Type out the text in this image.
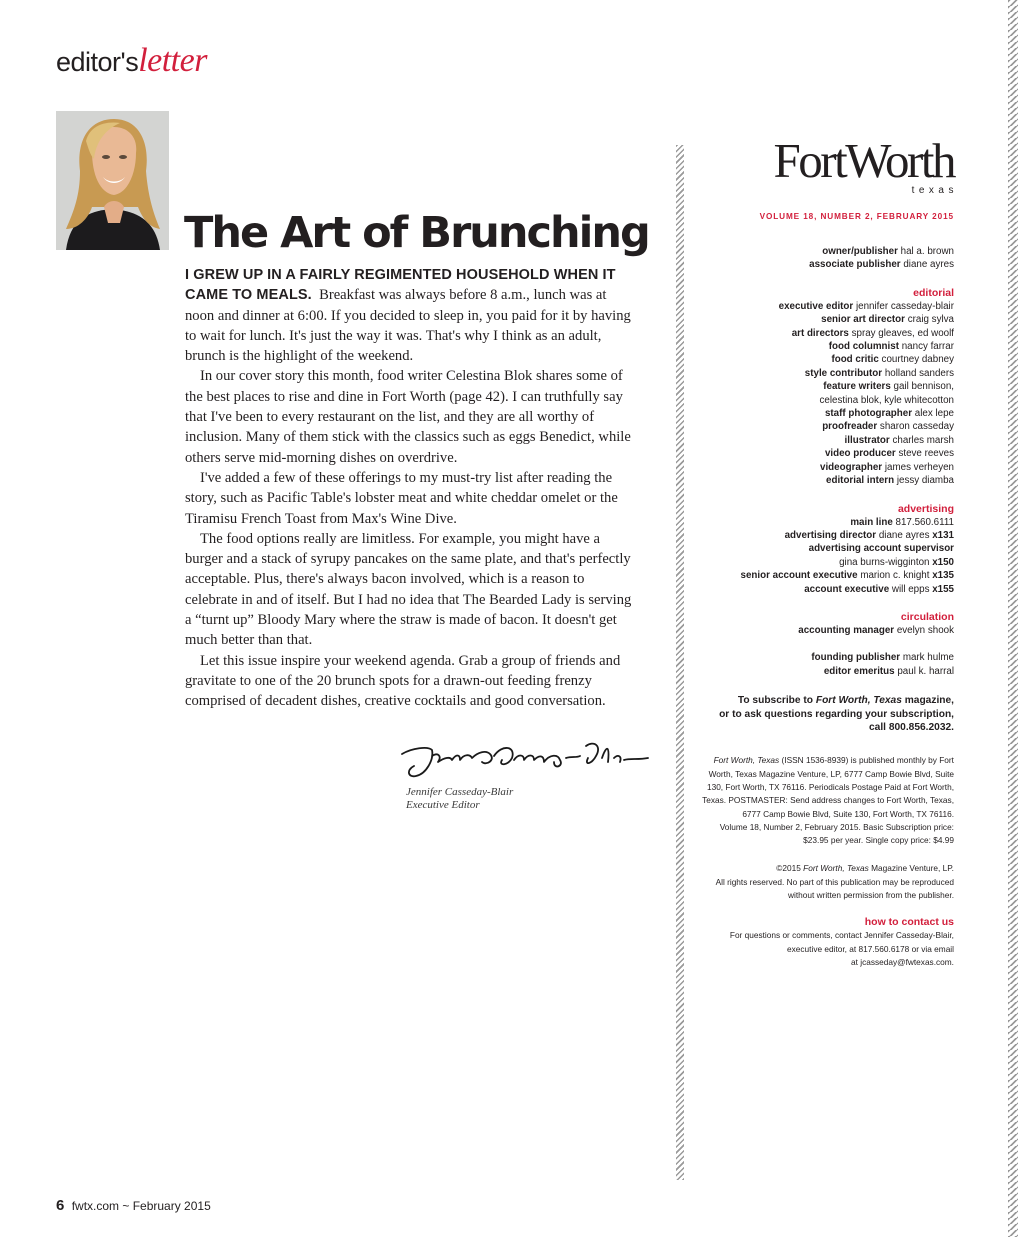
editor'sletter
The Art of Brunching

I GREW UP IN A FAIRLY REGIMENTED HOUSEHOLD WHEN IT CAME TO MEALS. Breakfast was always before 8 a.m., lunch was at noon and dinner at 6:00. If you decided to sleep in, you paid for it by having to wait for lunch. It's just the way it was. That's why I think as an adult, brunch is the highlight of the weekend.

In our cover story this month, food writer Celestina Blok shares some of the best places to rise and dine in Fort Worth (page 42). I can truthfully say that I've been to every restaurant on the list, and they are all worthy of inclusion. Many of them stick with the classics such as eggs Benedict, while others serve mid-morning dishes on overdrive.

I've added a few of these offerings to my must-try list after reading the story, such as Pacific Table's lobster meat and white cheddar omelet or the Tiramisu French Toast from Max's Wine Dive.

The food options really are limitless. For example, you might have a burger and a stack of syrupy pancakes on the same plate, and that's perfectly acceptable. Plus, there's always bacon involved, which is a reason to celebrate in and of itself. But I had no idea that The Bearded Lady is serving a “turnt up” Bloody Mary where the straw is made of bacon. It doesn't get much better than that.

Let this issue inspire your weekend agenda. Grab a group of friends and gravitate to one of the 20 brunch spots for a drawn-out feeding frenzy comprised of decadent dishes, creative cocktails and good conversation.

Jennifer Casseday-Blair
Executive Editor
6 fwtx.com ~ February 2015
FortWorth
texas
VOLUME 18, NUMBER 2, FEBRUARY 2015
owner/publisher hal a. brown
associate publisher diane ayres
editorial
executive editor jennifer casseday-blair
senior art director craig sylva
art directors spray gleaves, ed woolf
food columnist nancy farrar
food critic courtney dabney
style contributor holland sanders
feature writers gail bennison,
celestina blok, kyle whitecotton
staff photographer alex lepe
proofreader sharon casseday
illustrator charles marsh
video producer steve reeves
videographer james verheyen
editorial intern jessy diamba
advertising
main line 817.560.6111
advertising director diane ayres x131
advertising account supervisor
gina burns-wigginton x150
senior account executive marion c. knight x135
account executive will epps x155
circulation
accounting manager evelyn shook
founding publisher mark hulme
editor emeritus paul k. harral
To subscribe to Fort Worth, Texas magazine,
or to ask questions regarding your subscription,
call 800.856.2032.
Fort Worth, Texas (ISSN 1536-8939) is published monthly by Fort
Worth, Texas Magazine Venture, LP, 6777 Camp Bowie Blvd, Suite
130, Fort Worth, TX 76116. Periodicals Postage Paid at Fort Worth,
Texas. POSTMASTER: Send address changes to Fort Worth, Texas,
6777 Camp Bowie Blvd, Suite 130, Fort Worth, TX 76116.
Volume 18, Number 2, February 2015. Basic Subscription price:
$23.95 per year. Single copy price: $4.99
©2015 Fort Worth, Texas Magazine Venture, LP.
All rights reserved. No part of this publication may be reproduced
without written permission from the publisher.
how to contact us
For questions or comments, contact Jennifer Casseday-Blair,
executive editor, at 817.560.6178 or via email
at jcasseday@fwtexas.com.
